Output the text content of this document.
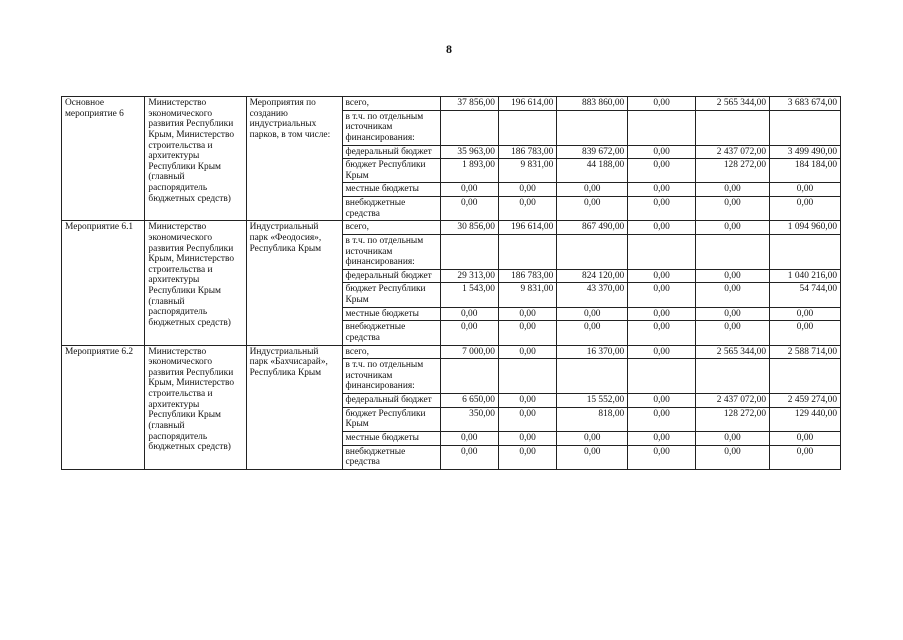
8
Основное мероприятие 6	Министерство экономического развития Республики Крым, Министерство строительства и архитектуры Республики Крым (главный распорядитель бюджетных средств)	Мероприятия по созданию индустриальных парков, в том числе:	всего,	37 856,00	196 614,00	883 860,00	0,00	2 565 344,00	3 683 674,00
			в т.ч. по отдельным источникам финансирования:						
			федеральный бюджет	35 963,00	186 783,00	839 672,00	0,00	2 437 072,00	3 499 490,00
			бюджет Республики Крым	1 893,00	9 831,00	44 188,00	0,00	128 272,00	184 184,00
			местные бюджеты	0,00	0,00	0,00	0,00	0,00	0,00
			внебюджетные средства	0,00	0,00	0,00	0,00	0,00	0,00
Мероприятие 6.1	Министерство экономического развития Республики Крым, Министерство строительства и архитектуры Республики Крым (главный распорядитель бюджетных средств)	Индустриальный парк «Феодосия», Республика Крым	всего,	30 856,00	196 614,00	867 490,00	0,00	0,00	1 094 960,00
			в т.ч. по отдельным источникам финансирования:						
			федеральный бюджет	29 313,00	186 783,00	824 120,00	0,00	0,00	1 040 216,00
			бюджет Республики Крым	1 543,00	9 831,00	43 370,00	0,00	0,00	54 744,00
			местные бюджеты	0,00	0,00	0,00	0,00	0,00	0,00
			внебюджетные средства	0,00	0,00	0,00	0,00	0,00	0,00
Мероприятие 6.2	Министерство экономического развития Республики Крым, Министерство строительства и архитектуры Республики Крым (главный распорядитель бюджетных средств)	Индустриальный парк «Бахчисарай», Республика Крым	всего,	7 000,00	0,00	16 370,00	0,00	2 565 344,00	2 588 714,00
			в т.ч. по отдельным источникам финансирования:						
			федеральный бюджет	6 650,00	0,00	15 552,00	0,00	2 437 072,00	2 459 274,00
			бюджет Республики Крым	350,00	0,00	818,00	0,00	128 272,00	129 440,00
			местные бюджеты	0,00	0,00	0,00	0,00	0,00	0,00
			внебюджетные средства	0,00	0,00	0,00	0,00	0,00	0,00
